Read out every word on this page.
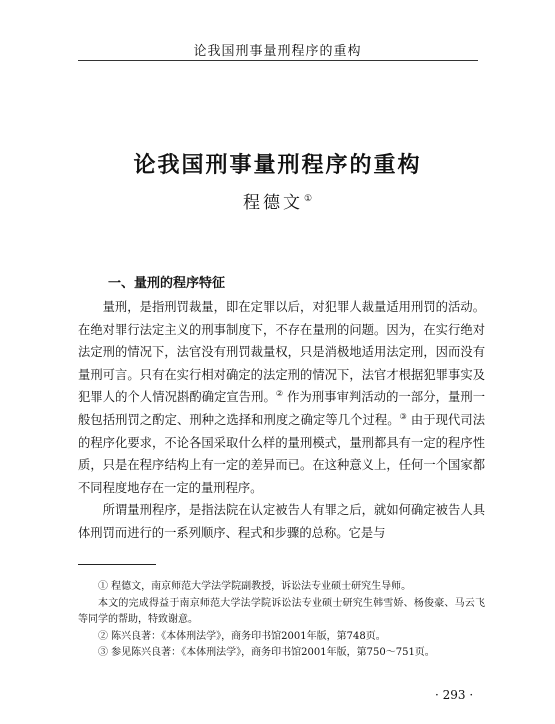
论我国刑事量刑程序的重构
论我国刑事量刑程序的重构
程德文①
一、量刑的程序特征

量刑，是指刑罚裁量，即在定罪以后，对犯罪人裁量适用刑罚的活动。在绝对罪行法定主义的刑事制度下，不存在量刑的问题。因为，在实行绝对法定刑的情况下，法官没有刑罚裁量权，只是消极地适用法定刑，因而没有量刑可言。只有在实行相对确定的法定刑的情况下，法官才根据犯罪事实及犯罪人的个人情况斟酌确定宣告刑。② 作为刑事审判活动的一部分，量刑一般包括刑罚之酌定、刑种之选择和刑度之确定等几个过程。③ 由于现代司法的程序化要求，不论各国采取什么样的量刑模式，量刑都具有一定的程序性质，只是在程序结构上有一定的差异而已。在这种意义上，任何一个国家都不同程度地存在一定的量刑程序。

所谓量刑程序，是指法院在认定被告人有罪之后，就如何确定被告人具体刑罚而进行的一系列顺序、程式和步骤的总称。它是与

① 程德文，南京师范大学法学院副教授，诉讼法专业硕士研究生导师。

本文的完成得益于南京师范大学法学院诉讼法专业硕士研究生韩雪娇、杨俊豪、马云飞等同学的帮助，特致谢意。

② 陈兴良著：《本体刑法学》，商务印书馆2001年版，第748页。

③ 参见陈兴良著：《本体刑法学》，商务印书馆2001年版，第750～751页。

· 293 ·
